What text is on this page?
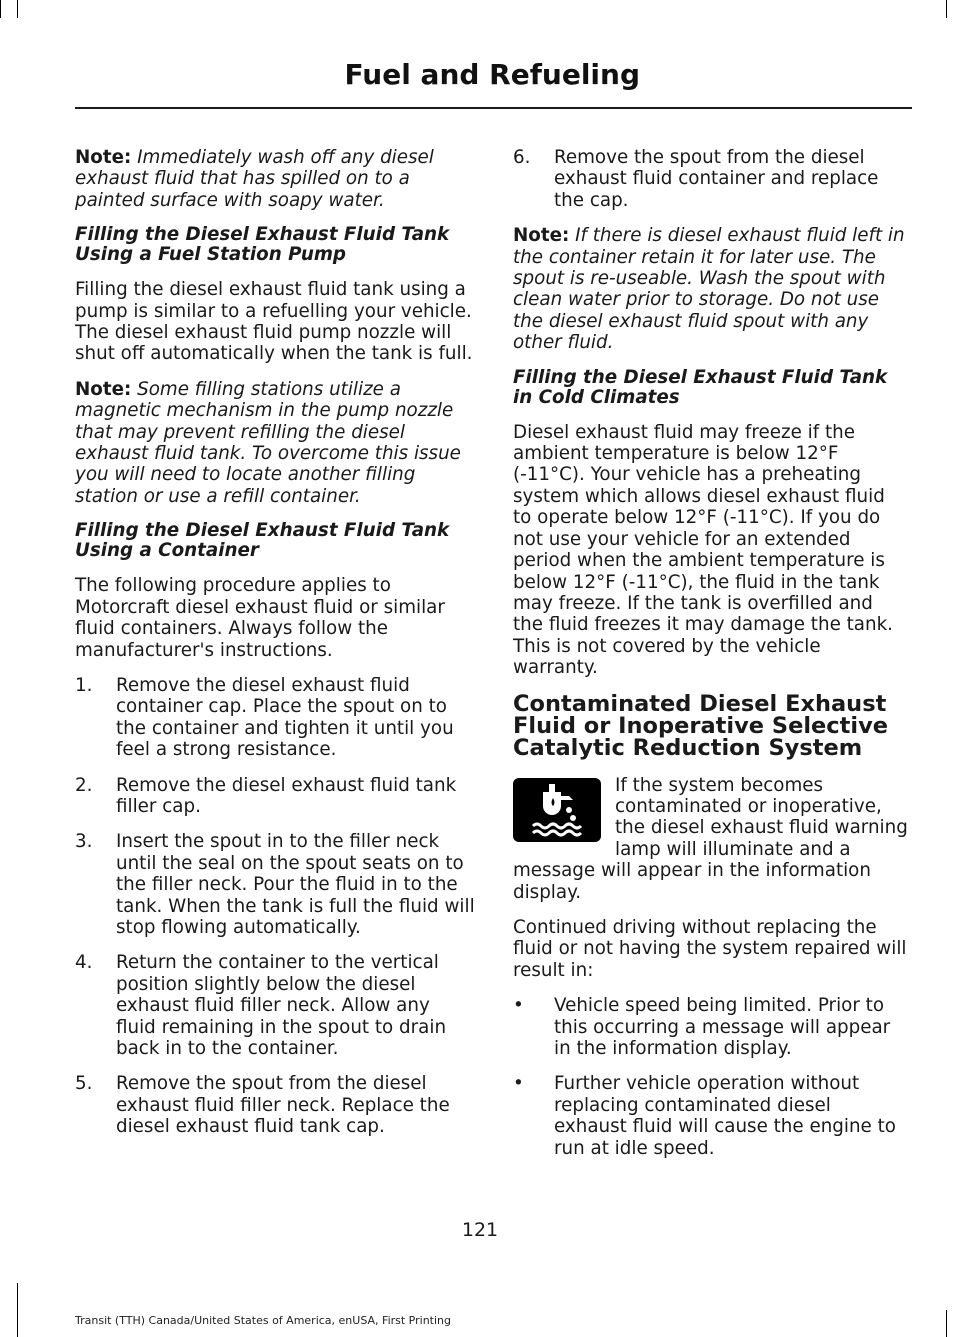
Fuel and Refueling

Note: Immediately wash off any diesel exhaust fluid that has spilled on to a painted surface with soapy water.

Filling the Diesel Exhaust Fluid Tank Using a Fuel Station Pump

Filling the diesel exhaust fluid tank using a pump is similar to a refuelling your vehicle. The diesel exhaust fluid pump nozzle will shut off automatically when the tank is full.

Note: Some filling stations utilize a magnetic mechanism in the pump nozzle that may prevent refilling the diesel exhaust fluid tank. To overcome this issue you will need to locate another filling station or use a refill container.

Filling the Diesel Exhaust Fluid Tank Using a Container

The following procedure applies to Motorcraft diesel exhaust fluid or similar fluid containers. Always follow the manufacturer's instructions.

1. Remove the diesel exhaust fluid container cap. Place the spout on to the container and tighten it until you feel a strong resistance.
2. Remove the diesel exhaust fluid tank filler cap.
3. Insert the spout in to the filler neck until the seal on the spout seats on to the filler neck. Pour the fluid in to the tank. When the tank is full the fluid will stop flowing automatically.
4. Return the container to the vertical position slightly below the diesel exhaust fluid filler neck. Allow any fluid remaining in the spout to drain back in to the container.
5. Remove the spout from the diesel exhaust fluid filler neck. Replace the diesel exhaust fluid tank cap.
6. Remove the spout from the diesel exhaust fluid container and replace the cap.

Note: If there is diesel exhaust fluid left in the container retain it for later use. The spout is re-useable. Wash the spout with clean water prior to storage. Do not use the diesel exhaust fluid spout with any other fluid.

Filling the Diesel Exhaust Fluid Tank in Cold Climates

Diesel exhaust fluid may freeze if the ambient temperature is below 12°F (-11°C). Your vehicle has a preheating system which allows diesel exhaust fluid to operate below 12°F (-11°C). If you do not use your vehicle for an extended period when the ambient temperature is below 12°F (-11°C), the fluid in the tank may freeze. If the tank is overfilled and the fluid freezes it may damage the tank. This is not covered by the vehicle warranty.

Contaminated Diesel Exhaust Fluid or Inoperative Selective Catalytic Reduction System

If the system becomes contaminated or inoperative, the diesel exhaust fluid warning lamp will illuminate and a message will appear in the information display.

Continued driving without replacing the fluid or not having the system repaired will result in:

•	Vehicle speed being limited. Prior to this occurring a message will appear in the information display.
•	Further vehicle operation without replacing contaminated diesel exhaust fluid will cause the engine to run at idle speed.
121
Transit (TTH) Canada/United States of America, enUSA, First Printing
